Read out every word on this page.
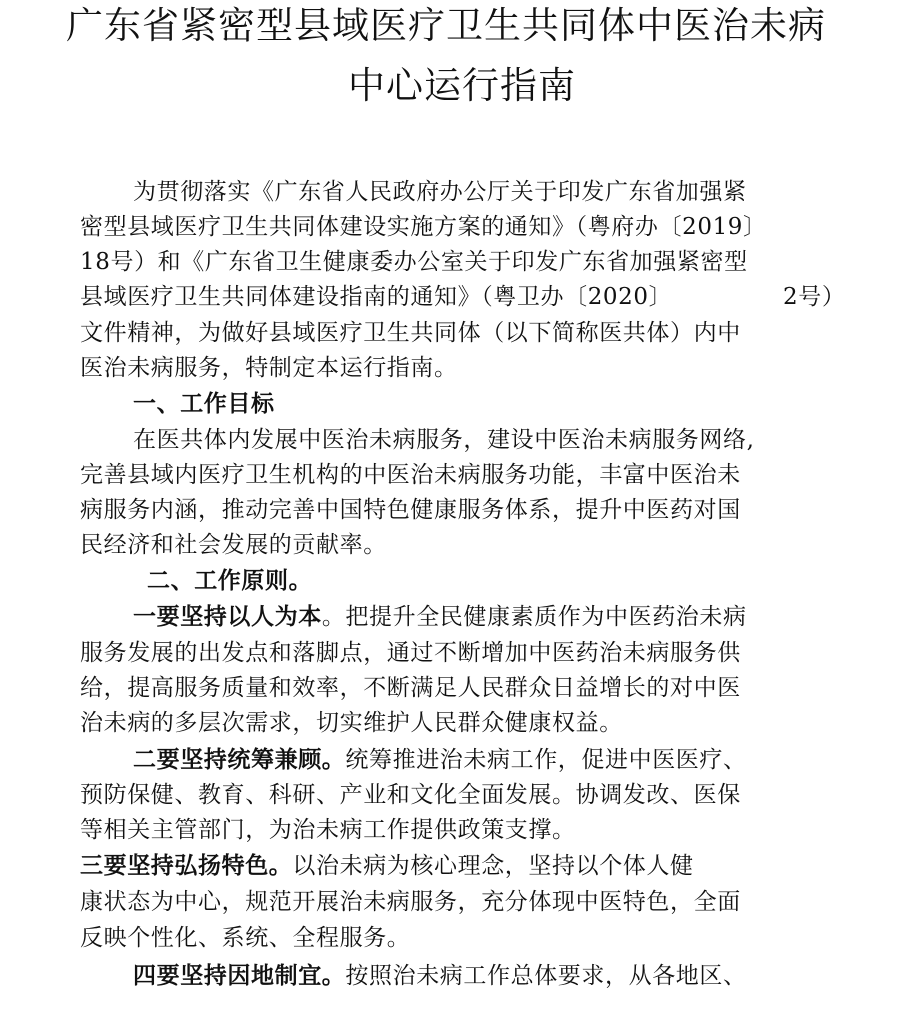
广东省紧密型县域医疗卫生共同体中医治未病
中心运行指南

为贯彻落实《广东省人民政府办公厅关于印发广东省加强紧

密型县域医疗卫生共同体建设实施方案的通知》（粤府办〔2019〕

18号）和《广东省卫生健康委办公室关于印发广东省加强紧密型

县域医疗卫生共同体建设指南的通知》（粤卫办〔2020〕	2号）

文件精神，为做好县域医疗卫生共同体（以下简称医共体）内中

医治未病服务，特制定本运行指南。

一、工作目标

在医共体内发展中医治未病服务，建设中医治未病服务网络,

完善县域内医疗卫生机构的中医治未病服务功能，丰富中医治未

病服务内涵，推动完善中国特色健康服务体系，提升中医药对国

民经济和社会发展的贡献率。

二、工作原则。

一要坚持以人为本。把提升全民健康素质作为中医药治未病

服务发展的出发点和落脚点，通过不断增加中医药治未病服务供

给，提高服务质量和效率，不断满足人民群众日益增长的对中医

治未病的多层次需求，切实维护人民群众健康权益。

二要坚持统筹兼顾。统筹推进治未病工作，促进中医医疗、

预防保健、教育、科研、产业和文化全面发展。协调发改、医保

等相关主管部门，为治未病工作提供政策支撑。

三要坚持弘扬特色。以治未病为核心理念，坚持以个体人健

康状态为中心，规范开展治未病服务，充分体现中医特色，全面

反映个性化、系统、全程服务。

四要坚持因地制宜。按照治未病工作总体要求，从各地区、
